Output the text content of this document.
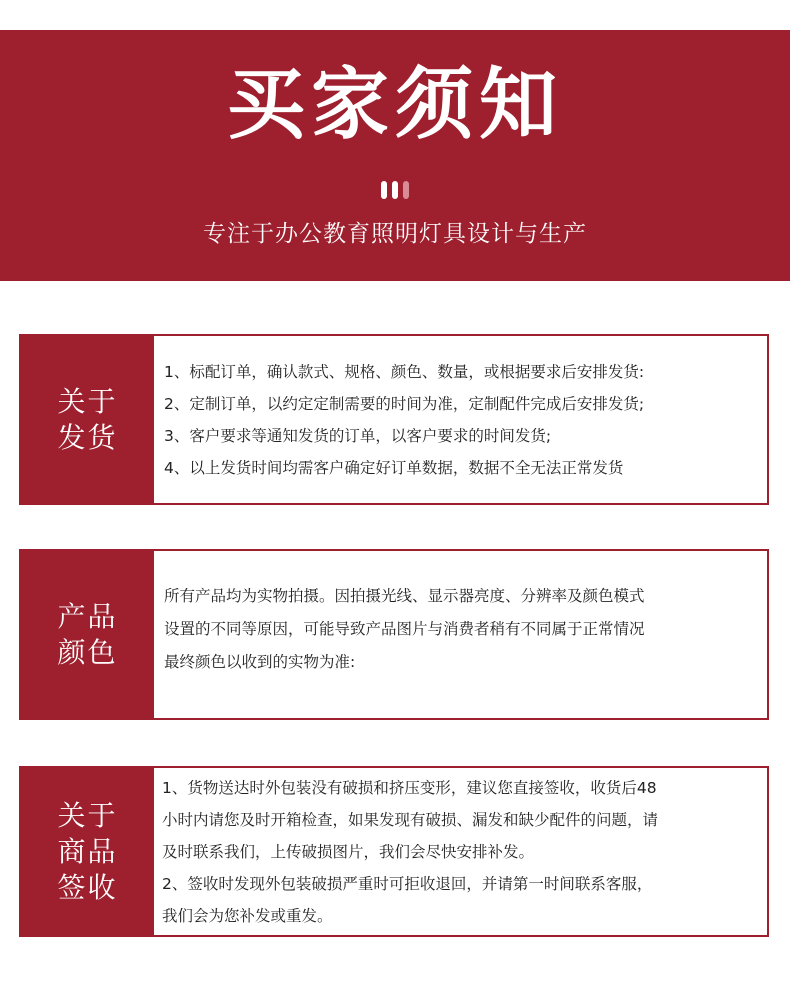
买家须知
专注于办公教育照明灯具设计与生产
关于
发货

1、标配订单，确认款式、规格、颜色、数量，或根据要求后安排发货:

2、定制订单，以约定定制需要的时间为准，定制配件完成后安排发货;

3、客户要求等通知发货的订单，以客户要求的时间发货;

4、以上发货时间均需客户确定好订单数据，数据不全无法正常发货

产品
颜色

所有产品均为实物拍摄。因拍摄光线、显示器亮度、分辨率及颜色模式

设置的不同等原因，可能导致产品图片与消费者稍有不同属于正常情况

最终颜色以收到的实物为准:

关于
商品
签收

1、货物送达时外包装没有破损和挤压变形，建议您直接签收，收货后48

小时内请您及时开箱检查，如果发现有破损、漏发和缺少配件的问题，请

及时联系我们，上传破损图片，我们会尽快安排补发。

2、签收时发现外包装破损严重时可拒收退回，并请第一时间联系客服，

我们会为您补发或重发。
